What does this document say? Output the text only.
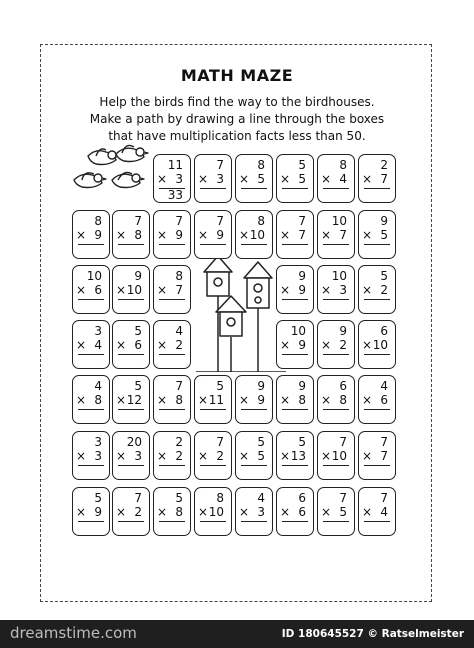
MATH MAZE
Help the birds find the way to the birdhouses.
Make a path by drawing a line through the boxes
that have multiplication facts less than 50.
11
× 3
33
7
× 3
8
× 5
5
× 5
8
× 4
2
× 7
8
× 9
7
× 8
7
× 9
7
× 9
8
× 10
7
× 7
10
× 7
9
× 5
10
× 6
9
× 10
8
× 7
9
× 9
10
× 3
5
× 2
3
× 4
5
× 6
4
× 2
10
× 9
9
× 2
6
× 10
4
× 8
5
× 12
7
× 8
5
× 11
9
× 9
9
× 8
6
× 8
4
× 6
3
× 3
20
× 3
2
× 2
7
× 2
5
× 5
5
× 13
7
× 10
7
× 7
5
× 9
7
× 2
5
× 8
8
× 10
4
× 3
6
× 6
7
× 5
7
× 4
dreamstime.com	ID 180645527 © Ratselmeister
